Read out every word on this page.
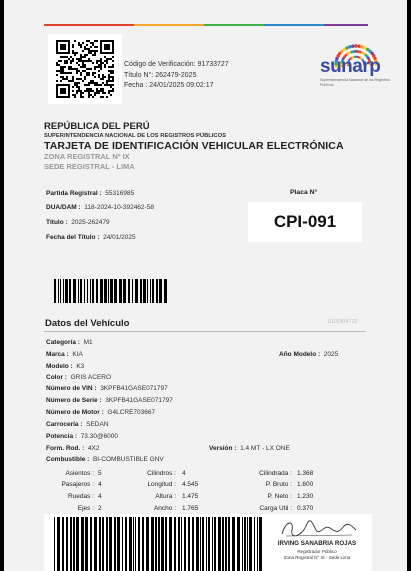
Código de Verificación: 91733727
Título N°: 262479-2025
Fecha : 24/01/2025 09:02:17
sunarp
Superintendencia Nacional de los Registros Públicos
REPÚBLICA DEL PERÚ
SUPERINTENDENCIA NACIONAL DE LOS REGISTROS PÚBLICOS
TARJETA DE IDENTIFICACIÓN VEHICULAR ELECTRÓNICA
ZONA REGISTRAL Nº IX
SEDE REGISTRAL - LIMA
Partida Registral : 55316985
DUA/DAM : 118-2024-10-392462-58
Título : 2025-262479
Fecha del Título : 24/01/2025
Placa N°
CPI-091
Datos del Vehículo	1010304722
Categoría : M1
Marca : KIA	Año Modelo : 2025
Modelo : K3
Color : GRIS ACERO
Número de VIN : 3KPFB41GASE071797
Número de Serie : 3KPFB41GASE071797
Número de Motor : G4LCRE703667
Carrocería : SEDAN
Potencia : 73.30@6000
Form. Rod. : 4X2	Versión : 1.4 MT - LX ONE
Combustible : BI-COMBUSTIBLE GNV
Asientos : 5	Cilindros : 4	Cilindrada : 1.368
Pasajeros : 4	Longitud : 4.545	P. Bruto : 1.600
Ruedas : 4	Altura : 1.475	P. Neto : 1.230
Ejes : 2	Ancho : 1.765	Carga Util : 0.370
IRVING SANABRIA ROJAS
Registrador Público
Zona Registral N° IX - Sede Lima
